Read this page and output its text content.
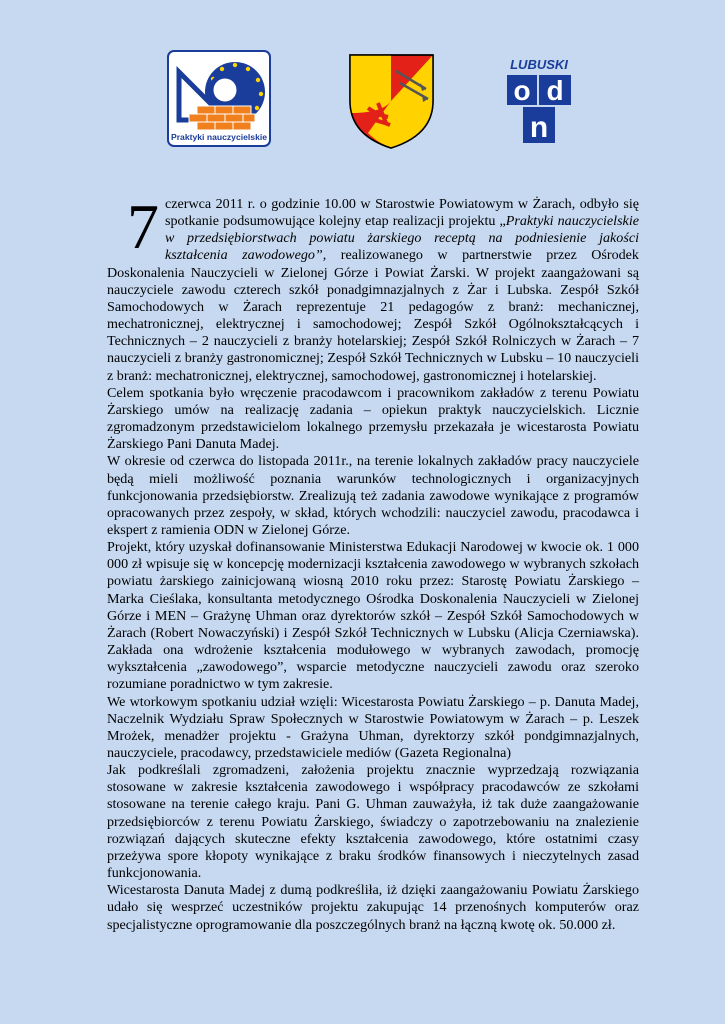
Praktyki nauczycielskie
LUBUSKI
o d
n

7 czerwca 2011 r. o godzinie 10.00 w Starostwie Powiatowym w Żarach, odbyło się spotkanie podsumowujące kolejny etap realizacji projektu „Praktyki nauczycielskie w przedsiębiorstwach powiatu żarskiego receptą na podniesienie jakości kształcenia zawodowego”, realizowanego w partnerstwie przez Ośrodek Doskonalenia Nauczycieli w Zielonej Górze i Powiat Żarski. W projekt zaangażowani są nauczyciele zawodu czterech szkół ponadgimnazjalnych z Żar i Lubska. Zespół Szkół Samochodowych w Żarach reprezentuje 21 pedagogów z branż: mechanicznej, mechatronicznej, elektrycznej i samochodowej; Zespół Szkół Ogólnokształcących i Technicznych – 2 nauczycieli z branży hotelarskiej; Zespół Szkół Rolniczych w Żarach – 7 nauczycieli z branży gastronomicznej; Zespół Szkół Technicznych w Lubsku – 10 nauczycieli z branż: mechatronicznej, elektrycznej, samochodowej, gastronomicznej i hotelarskiej.

Celem spotkania było wręczenie pracodawcom i pracownikom zakładów z terenu Powiatu Żarskiego umów na realizację zadania – opiekun praktyk nauczycielskich. Licznie zgromadzonym przedstawicielom lokalnego przemysłu przekazała je wicestarosta Powiatu Żarskiego Pani Danuta Madej.

W okresie od czerwca do listopada 2011r., na terenie lokalnych zakładów pracy nauczyciele będą mieli możliwość poznania warunków technologicznych i organizacyjnych funkcjonowania przedsiębiorstw. Zrealizują też zadania zawodowe wynikające z programów opracowanych przez zespoły, w skład, których wchodzili: nauczyciel zawodu, pracodawca i ekspert z ramienia ODN w Zielonej Górze.

Projekt, który uzyskał dofinansowanie Ministerstwa Edukacji Narodowej w kwocie ok. 1 000 000 zł wpisuje się w koncepcję modernizacji kształcenia zawodowego w wybranych szkołach powiatu żarskiego zainicjowaną wiosną 2010 roku przez: Starostę Powiatu Żarskiego – Marka Cieślaka, konsultanta metodycznego Ośrodka Doskonalenia Nauczycieli w Zielonej Górze i MEN – Grażynę Uhman oraz dyrektorów szkół – Zespół Szkół Samochodowych w Żarach (Robert Nowaczyński) i Zespół Szkół Technicznych w Lubsku (Alicja Czerniawska). Zakłada ona wdrożenie kształcenia modułowego w wybranych zawodach, promocję wykształcenia „zawodowego”, wsparcie metodyczne nauczycieli zawodu oraz szeroko rozumiane poradnictwo w tym zakresie.

We wtorkowym spotkaniu udział wzięli: Wicestarosta Powiatu Żarskiego – p. Danuta Madej, Naczelnik Wydziału Spraw Społecznych w Starostwie Powiatowym w Żarach – p. Leszek Mrożek, menadżer projektu - Grażyna Uhman, dyrektorzy szkół pondgimnazjalnych, nauczyciele, pracodawcy, przedstawiciele mediów (Gazeta Regionalna)

Jak podkreślali zgromadzeni, założenia projektu znacznie wyprzedzają rozwiązania stosowane w zakresie kształcenia zawodowego i współpracy pracodawców ze szkołami stosowane na terenie całego kraju. Pani G. Uhman zauważyła, iż tak duże zaangażowanie przedsiębiorców z terenu Powiatu Żarskiego, świadczy o zapotrzebowaniu na znalezienie rozwiązań dających skuteczne efekty kształcenia zawodowego, które ostatnimi czasy przeżywa spore kłopoty wynikające z braku środków finansowych i nieczytelnych zasad funkcjonowania.

Wicestarosta Danuta Madej z dumą podkreśliła, iż dzięki zaangażowaniu Powiatu Żarskiego udało się wesprzeć uczestników projektu zakupując 14 przenośnych komputerów oraz specjalistyczne oprogramowanie dla poszczególnych branż na łączną kwotę ok. 50.000 zł.
